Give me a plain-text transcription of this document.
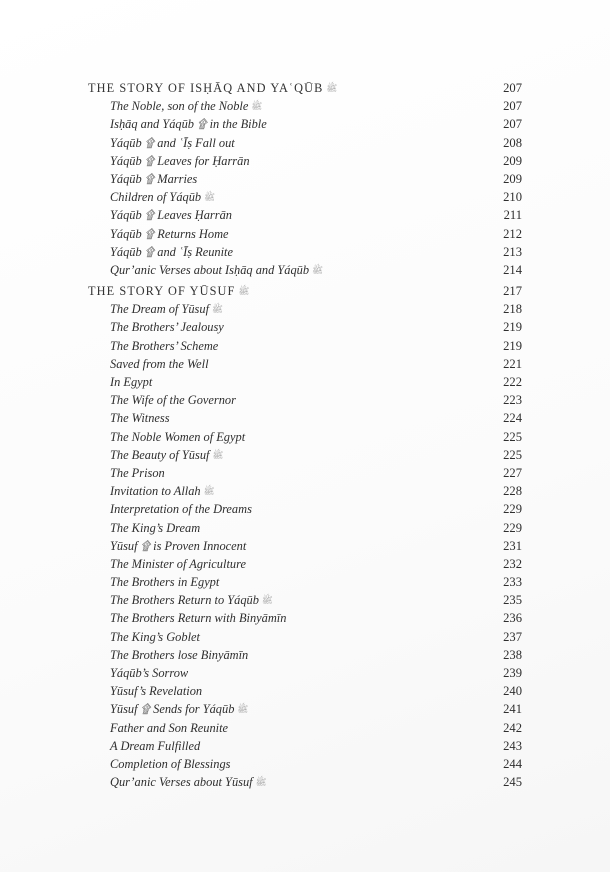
THE STORY OF ISḤĀQ AND YAʿQŪB ﷺ	207
The Noble, son of the Noble ﷺ	207
Isḥāq and Yáqūb ۩ in the Bible	207
Yáqūb ۩ and ʿĪṣ Fall out	208
Yáqūb ۩ Leaves for Ḥarrān	209
Yáqūb ۩ Marries	209
Children of Yáqūb ﷺ	210
Yáqūb ۩ Leaves Ḥarrān	211
Yáqūb ۩ Returns Home	212
Yáqūb ۩ and ʿĪṣ Reunite	213
Qur’anic Verses about Isḥāq and Yáqūb ﷺ	214
THE STORY OF YŪSUF ﷺ	217
The Dream of Yūsuf ﷺ	218
The Brothers’ Jealousy	219
The Brothers’ Scheme	219
Saved from the Well	221
In Egypt	222
The Wife of the Governor	223
The Witness	224
The Noble Women of Egypt	225
The Beauty of Yūsuf ﷺ	225
The Prison	227
Invitation to Allah ﷺ	228
Interpretation of the Dreams	229
The King’s Dream	229
Yūsuf ۩ is Proven Innocent	231
The Minister of Agriculture	232
The Brothers in Egypt	233
The Brothers Return to Yáqūb ﷺ	235
The Brothers Return with Binyāmīn	236
The King’s Goblet	237
The Brothers lose Binyāmīn	238
Yáqūb’s Sorrow	239
Yūsuf’s Revelation	240
Yūsuf ۩ Sends for Yáqūb ﷺ	241
Father and Son Reunite	242
A Dream Fulfilled	243
Completion of Blessings	244
Qur’anic Verses about Yūsuf ﷺ	245
